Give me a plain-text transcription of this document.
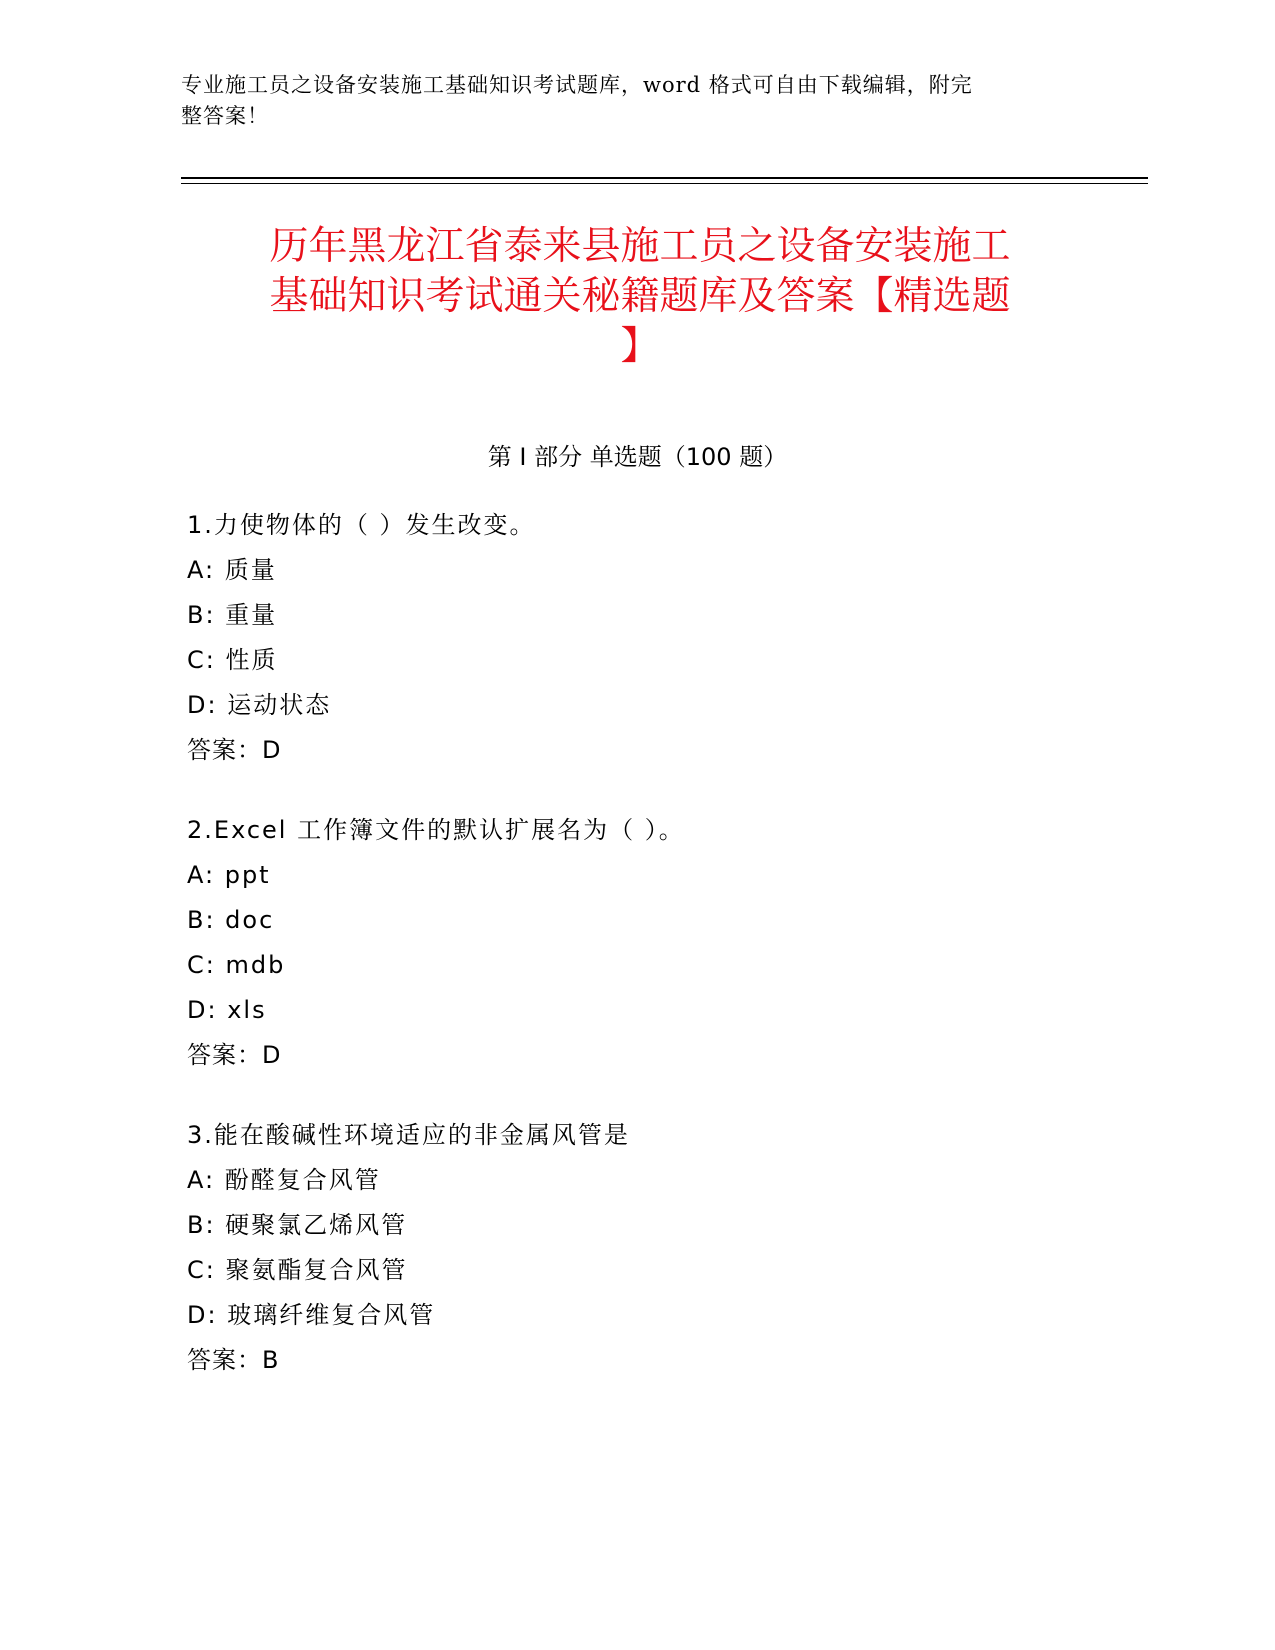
专业施工员之设备安装施工基础知识考试题库，word 格式可自由下载编辑，附完
整答案！
历年黑龙江省泰来县施工员之设备安装施工
基础知识考试通关秘籍题库及答案【精选题
】
第 I 部分 单选题（100 题）
1.力使物体的（ ）发生改变。
A: 质量
B: 重量
C: 性质
D: 运动状态
答案：D
2.Excel 工作簿文件的默认扩展名为（ ）。
A: ppt
B: doc
C: mdb
D: xls
答案：D
3.能在酸碱性环境适应的非金属风管是
A: 酚醛复合风管
B: 硬聚氯乙烯风管
C: 聚氨酯复合风管
D: 玻璃纤维复合风管
答案：B
